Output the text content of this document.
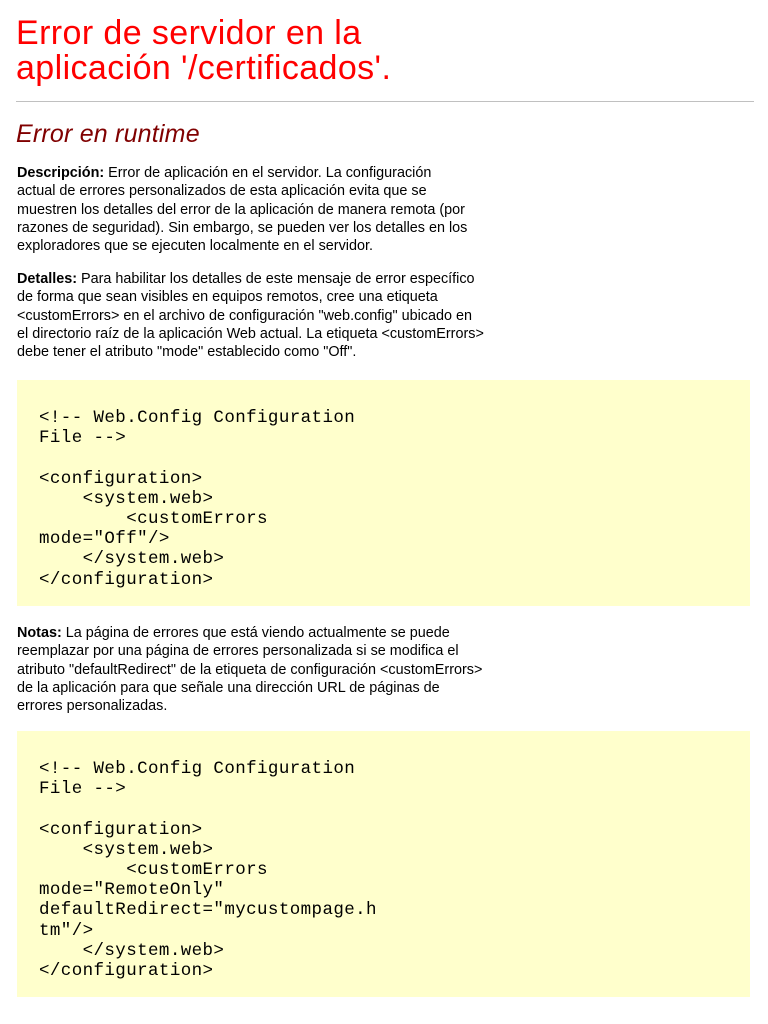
Error de servidor en la
aplicación '/certificados'.
Error en runtime

Descripción: Error de aplicación en el servidor. La configuración
actual de errores personalizados de esta aplicación evita que se
muestren los detalles del error de la aplicación de manera remota (por
razones de seguridad). Sin embargo, se pueden ver los detalles en los
exploradores que se ejecuten localmente en el servidor.

Detalles: Para habilitar los detalles de este mensaje de error específico
de forma que sean visibles en equipos remotos, cree una etiqueta
<customErrors> en el archivo de configuración "web.config" ubicado en
el directorio raíz de la aplicación Web actual. La etiqueta <customErrors>
debe tener el atributo "mode" establecido como "Off".

<!-- Web.Config Configuration
File -->
<configuration>
<system.web>
<customErrors
mode="Off"/>
</system.web>
</configuration>

Notas: La página de errores que está viendo actualmente se puede
reemplazar por una página de errores personalizada si se modifica el
atributo "defaultRedirect" de la etiqueta de configuración <customErrors>
de la aplicación para que señale una dirección URL de páginas de
errores personalizadas.

<!-- Web.Config Configuration
File -->
<configuration>
<system.web>
<customErrors
mode="RemoteOnly"
defaultRedirect="mycustompage.h
tm"/>
</system.web>
</configuration>
